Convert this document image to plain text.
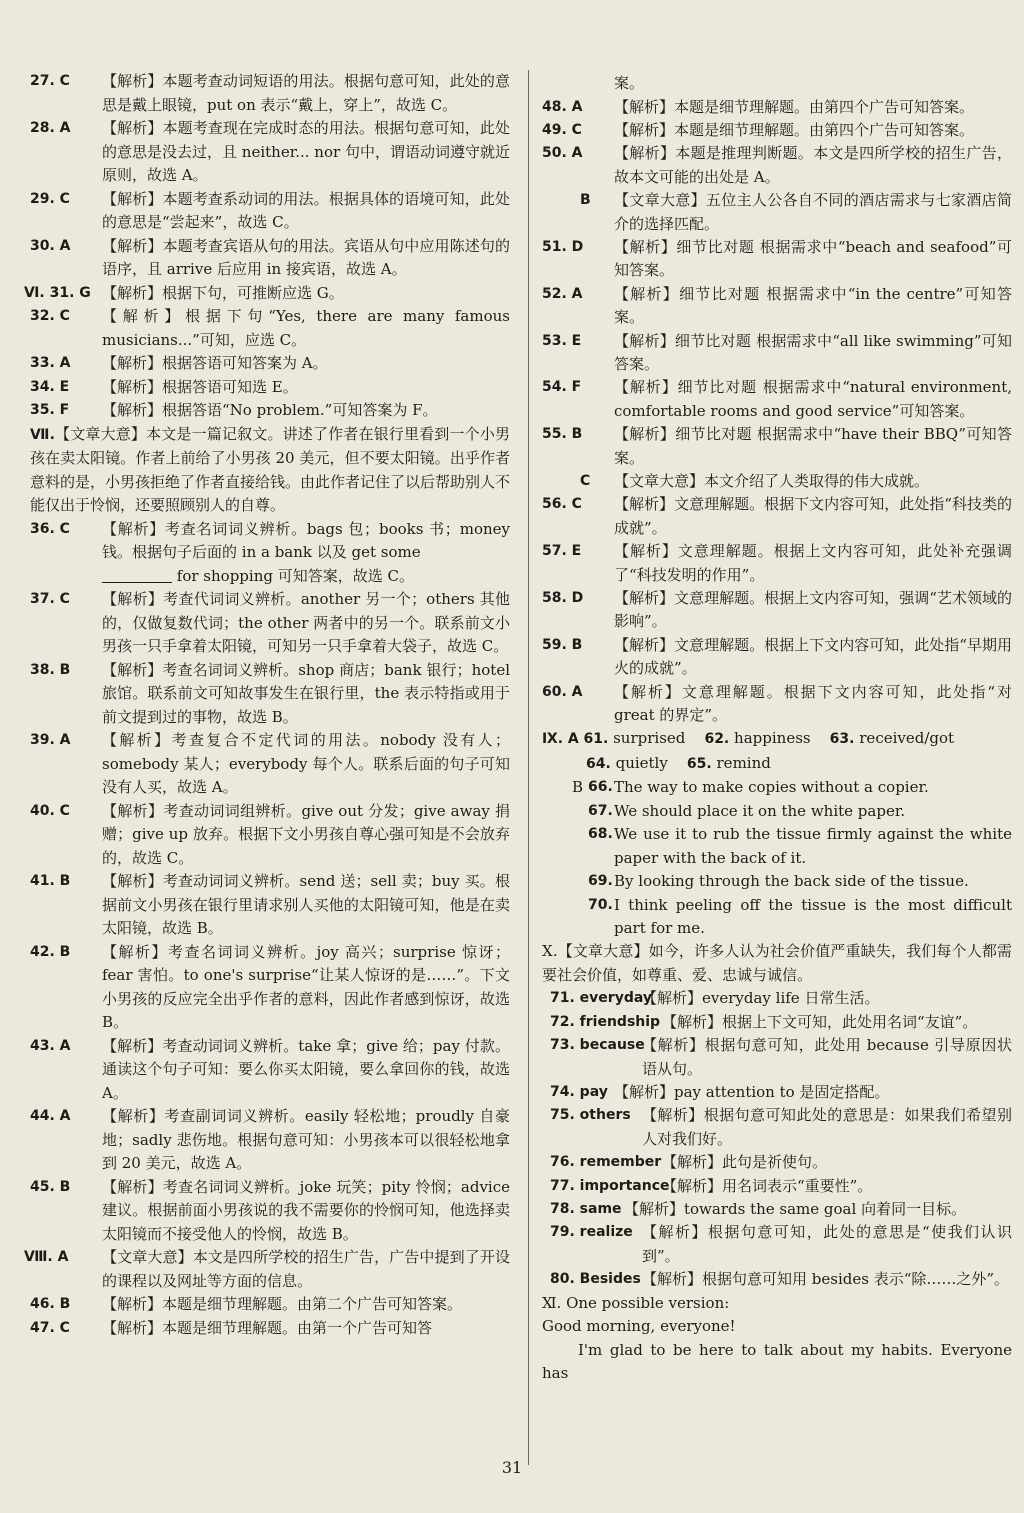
27. C 【解析】本题考查动词短语的用法。根据句意可知，此处的意思是戴上眼镜，put on 表示“戴上，穿上”，故选 C。

28. A 【解析】本题考查现在完成时态的用法。根据句意可知，此处的意思是没去过，且 neither... nor 句中，谓语动词遵守就近原则，故选 A。

29. C 【解析】本题考查系动词的用法。根据具体的语境可知，此处的意思是“尝起来”，故选 C。

30. A 【解析】本题考查宾语从句的用法。宾语从句中应用陈述句的语序，且 arrive 后应用 in 接宾语，故选 A。

Ⅵ. 31. G 【解析】根据下句，可推断应选 G。

32. C 【解析】根据下句“Yes, there are many famous musicians...”可知，应选 C。

33. A 【解析】根据答语可知答案为 A。

34. E 【解析】根据答语可知选 E。

35. F 【解析】根据答语“No problem.”可知答案为 F。

Ⅶ.【文章大意】本文是一篇记叙文。讲述了作者在银行里看到一个小男孩在卖太阳镜。作者上前给了小男孩 20 美元，但不要太阳镜。出乎作者意料的是，小男孩拒绝了作者直接给钱。由此作者记住了以后帮助别人不能仅出于怜悯，还要照顾别人的自尊。

36. C 【解析】考查名词词义辨析。bags 包；books 书；money 钱。根据句子后面的 in a bank 以及 get some
for shopping 可知答案，故选 C。

37. C 【解析】考查代词词义辨析。another 另一个；others 其他的，仅做复数代词；the other 两者中的另一个。联系前文小男孩一只手拿着太阳镜，可知另一只手拿着大袋子，故选 C。

38. B 【解析】考查名词词义辨析。shop 商店；bank 银行；hotel 旅馆。联系前文可知故事发生在银行里，the 表示特指或用于前文提到过的事物，故选 B。

39. A 【解析】考查复合不定代词的用法。nobody 没有人；somebody 某人；everybody 每个人。联系后面的句子可知没有人买，故选 A。

40. C 【解析】考查动词词组辨析。give out 分发；give away 捐赠；give up 放弃。根据下文小男孩自尊心强可知是不会放弃的，故选 C。

41. B 【解析】考查动词词义辨析。send 送；sell 卖；buy 买。根据前文小男孩在银行里请求别人买他的太阳镜可知，他是在卖太阳镜，故选 B。

42. B 【解析】考查名词词义辨析。joy 高兴；surprise 惊讶；fear 害怕。to one's surprise“让某人惊讶的是……”。下文小男孩的反应完全出乎作者的意料，因此作者感到惊讶，故选 B。

43. A 【解析】考查动词词义辨析。take 拿；give 给；pay 付款。通读这个句子可知：要么你买太阳镜，要么拿回你的钱，故选 A。

44. A 【解析】考查副词词义辨析。easily 轻松地；proudly 自豪地；sadly 悲伤地。根据句意可知：小男孩本可以很轻松地拿到 20 美元，故选 A。

45. B 【解析】考查名词词义辨析。joke 玩笑；pity 怜悯；advice 建议。根据前面小男孩说的我不需要你的怜悯可知，他选择卖太阳镜而不接受他人的怜悯，故选 B。

Ⅷ. A 【文章大意】本文是四所学校的招生广告，广告中提到了开设的课程以及网址等方面的信息。

46. B 【解析】本题是细节理解题。由第二个广告可知答案。

47. C 【解析】本题是细节理解题。由第一个广告可知答

案。

48. A 【解析】本题是细节理解题。由第四个广告可知答案。

49. C 【解析】本题是细节理解题。由第四个广告可知答案。

50. A 【解析】本题是推理判断题。本文是四所学校的招生广告，故本文可能的出处是 A。

B 【文章大意】五位主人公各自不同的酒店需求与七家酒店简介的选择匹配。

51. D 【解析】细节比对题 根据需求中“beach and seafood”可知答案。

52. A 【解析】细节比对题 根据需求中“in the centre”可知答案。

53. E 【解析】细节比对题 根据需求中“all like swimming”可知答案。

54. F 【解析】细节比对题 根据需求中“natural environment, comfortable rooms and good service”可知答案。

55. B 【解析】细节比对题 根据需求中“have their BBQ”可知答案。

C 【文章大意】本文介绍了人类取得的伟大成就。

56. C 【解析】文意理解题。根据下文内容可知，此处指“科技类的成就”。

57. E 【解析】文意理解题。根据上文内容可知，此处补充强调了“科技发明的作用”。

58. D 【解析】文意理解题。根据上文内容可知，强调“艺术领域的影响”。

59. B 【解析】文意理解题。根据上下文内容可知，此处指“早期用火的成就”。

60. A 【解析】文意理解题。根据下文内容可知，此处指“对 great 的界定”。

Ⅸ. A 61. surprised 62. happiness 63. received/got

64. quietly 65. remind

B 66. The way to make copies without a copier.

67. We should place it on the white paper.

68. We use it to rub the tissue firmly against the white paper with the back of it.

69. By looking through the back side of the tissue.

70. I think peeling off the tissue is the most difficult part for me.

Ⅹ.【文章大意】如今，许多人认为社会价值严重缺失，我们每个人都需要社会价值，如尊重、爱、忠诚与诚信。

71. everyday
【解析】everyday life 日常生活。

72. friendship 【解析】根据上下文可知，此处用名词“友谊”。

73. because
【解析】根据句意可知，此处用 because 引导原因状语从句。

74. pay 【解析】pay attention to 是固定搭配。

75. others 【解析】根据句意可知此处的意思是：如果我们希望别人对我们好。

76. remember 【解析】此句是祈使句。

77. importance
【解析】用名词表示“重要性”。

78. same 【解析】towards the same goal 向着同一目标。

79. realize 【解析】根据句意可知，此处的意思是“使我们认识到”。

80. Besides 【解析】根据句意可知用 besides 表示“除……之外”。

Ⅺ. One possible version:

Good morning, everyone!

I'm glad to be here to talk about my habits. Everyone has

31
